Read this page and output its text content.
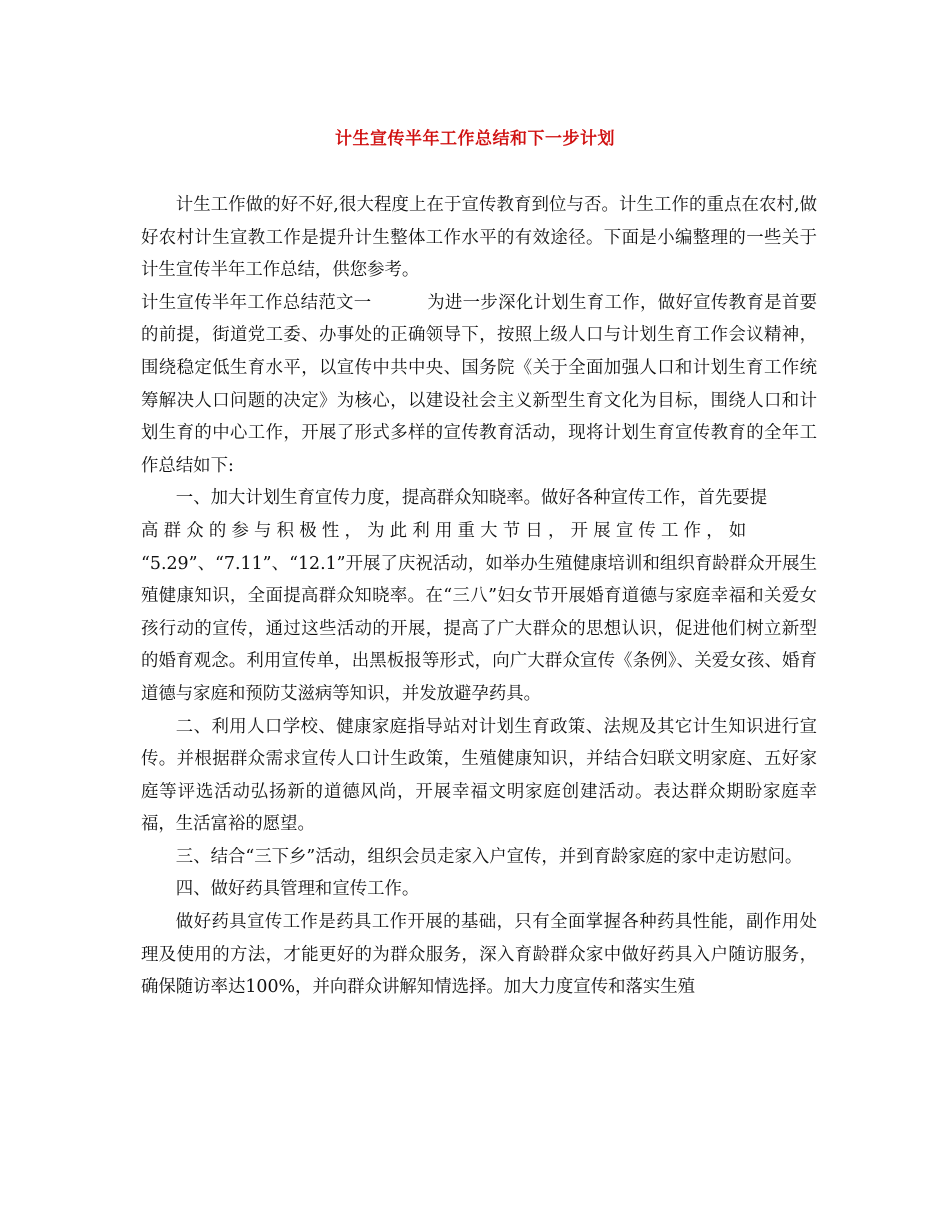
计生宣传半年工作总结和下一步计划

计生工作做的好不好,很大程度上在于宣传教育到位与否。计生工作的重点在农村,做好农村计生宣教工作是提升计生整体工作水平的有效途径。下面是小编整理的一些关于计生宣传半年工作总结，供您参考。

计生宣传半年工作总结范文一	为进一步深化计划生育工作，做好宣传教育是首要的前提，街道党工委、办事处的正确领导下，按照上级人口与计划生育工作会议精神，围绕稳定低生育水平，以宣传中共中央、国务院《关于全面加强人口和计划生育工作统筹解决人口问题的决定》为核心，以建设社会主义新型生育文化为目标，围绕人口和计划生育的中心工作，开展了形式多样的宣传教育活动，现将计划生育宣传教育的全年工作总结如下:

一、加大计划生育宣传力度，提高群众知晓率。做好各种宣传工作，首先要提

高群众的参与积极性，为此利用重大节日，开展宣传工作，如

“5.29”、“7.11”、“12.1”开展了庆祝活动，如举办生殖健康培训和组织育龄群众开展生殖健康知识，全面提高群众知晓率。在“三八”妇女节开展婚育道德与家庭幸福和关爱女孩行动的宣传，通过这些活动的开展，提高了广大群众的思想认识，促进他们树立新型的婚育观念。利用宣传单，出黑板报等形式，向广大群众宣传《条例》、关爱女孩、婚育道德与家庭和预防艾滋病等知识，并发放避孕药具。

二、利用人口学校、健康家庭指导站对计划生育政策、法规及其它计生知识进行宣传。并根据群众需求宣传人口计生政策，生殖健康知识，并结合妇联文明家庭、五好家庭等评选活动弘扬新的道德风尚，开展幸福文明家庭创建活动。表达群众期盼家庭幸福，生活富裕的愿望。

三、结合“三下乡”活动，组织会员走家入户宣传，并到育龄家庭的家中走访慰问。

四、做好药具管理和宣传工作。

做好药具宣传工作是药具工作开展的基础，只有全面掌握各种药具性能，副作用处理及使用的方法，才能更好的为群众服务，深入育龄群众家中做好药具入户随访服务，确保随访率达100%，并向群众讲解知情选择。加大力度宣传和落实生殖
